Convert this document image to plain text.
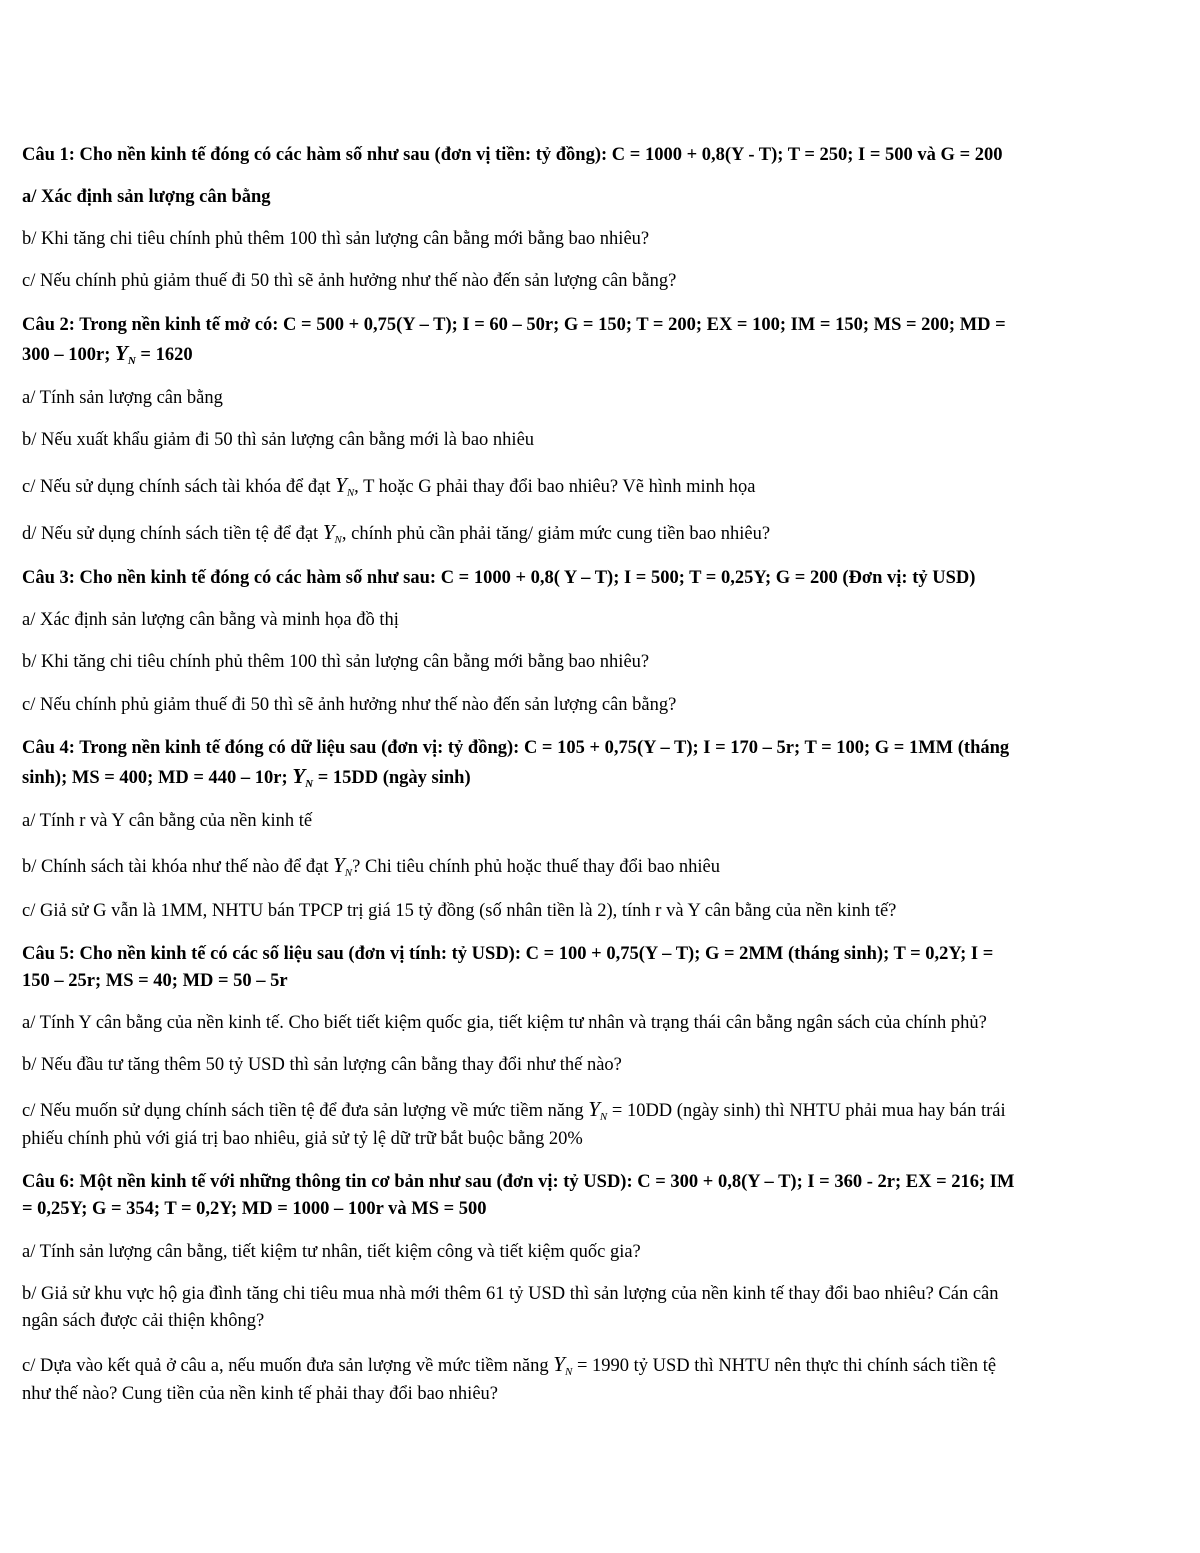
Câu 1: Cho nền kinh tế đóng có các hàm số như sau (đơn vị tiền: tỷ đồng): C = 1000 + 0,8(Y - T); T = 250; I = 500 và G = 200
a/ Xác định sản lượng cân bằng
b/ Khi tăng chi tiêu chính phủ thêm 100 thì sản lượng cân bằng mới bằng bao nhiêu?
c/ Nếu chính phủ giảm thuế đi 50 thì sẽ ảnh hưởng như thế nào đến sản lượng cân bằng?
Câu 2: Trong nền kinh tế mở có: C = 500 + 0,75(Y – T); I = 60 – 50r; G = 150; T = 200; EX = 100; IM = 150; MS = 200; MD =
300 – 100r; $Y_N = 1620$
a/ Tính sản lượng cân bằng
b/ Nếu xuất khẩu giảm đi 50 thì sản lượng cân bằng mới là bao nhiêu
c/ Nếu sử dụng chính sách tài khóa để đạt $Y_N$, T hoặc G phải thay đổi bao nhiêu? Vẽ hình minh họa
d/ Nếu sử dụng chính sách tiền tệ để đạt $Y_N$, chính phủ cần phải tăng/ giảm mức cung tiền bao nhiêu?
Câu 3: Cho nền kinh tế đóng có các hàm số như sau: C = 1000 + 0,8( Y – T); I = 500; T = 0,25Y; G = 200 (Đơn vị: tỷ USD)
a/ Xác định sản lượng cân bằng và minh họa đồ thị
b/ Khi tăng chi tiêu chính phủ thêm 100 thì sản lượng cân bằng mới bằng bao nhiêu?
c/ Nếu chính phủ giảm thuế đi 50 thì sẽ ảnh hưởng như thế nào đến sản lượng cân bằng?
Câu 4: Trong nền kinh tế đóng có dữ liệu sau (đơn vị: tỷ đồng): C = 105 + 0,75(Y – T); I = 170 – 5r; T = 100; G = 1MM (tháng
sinh); MS = 400; MD = 440 – 10r; $Y_N = 15DD$ (ngày sinh)
a/ Tính r và Y cân bằng của nền kinh tế
b/ Chính sách tài khóa như thế nào để đạt $Y_N$? Chi tiêu chính phủ hoặc thuế thay đổi bao nhiêu
c/ Giả sử G vẫn là 1MM, NHTU bán TPCP trị giá 15 tỷ đồng (số nhân tiền là 2), tính r và Y cân bằng của nền kinh tế?
Câu 5: Cho nền kinh tế có các số liệu sau (đơn vị tính: tỷ USD): C = 100 + 0,75(Y – T); G = 2MM (tháng sinh); T = 0,2Y; I =
150 – 25r; MS = 40; MD = 50 – 5r
a/ Tính Y cân bằng của nền kinh tế. Cho biết tiết kiệm quốc gia, tiết kiệm tư nhân và trạng thái cân bằng ngân sách của chính phủ?
b/ Nếu đầu tư tăng thêm 50 tỷ USD thì sản lượng cân bằng thay đổi như thế nào?
c/ Nếu muốn sử dụng chính sách tiền tệ để đưa sản lượng về mức tiềm năng $Y_N = 10DD$ (ngày sinh) thì NHTU phải mua hay bán trái
phiếu chính phủ với giá trị bao nhiêu, giả sử tỷ lệ dữ trữ bắt buộc bằng 20%
Câu 6: Một nền kinh tế với những thông tin cơ bản như sau (đơn vị: tỷ USD): C = 300 + 0,8(Y – T); I = 360 - 2r; EX = 216; IM
= 0,25Y; G = 354; T = 0,2Y; MD = 1000 – 100r và MS = 500
a/ Tính sản lượng cân bằng, tiết kiệm tư nhân, tiết kiệm công và tiết kiệm quốc gia?
b/ Giả sử khu vực hộ gia đình tăng chi tiêu mua nhà mới thêm 61 tỷ USD thì sản lượng của nền kinh tế thay đổi bao nhiêu? Cán cân
ngân sách được cải thiện không?
c/ Dựa vào kết quả ở câu a, nếu muốn đưa sản lượng về mức tiềm năng $Y_N = 1990$ tỷ USD thì NHTU nên thực thi chính sách tiền tệ
như thế nào? Cung tiền của nền kinh tế phải thay đổi bao nhiêu?
